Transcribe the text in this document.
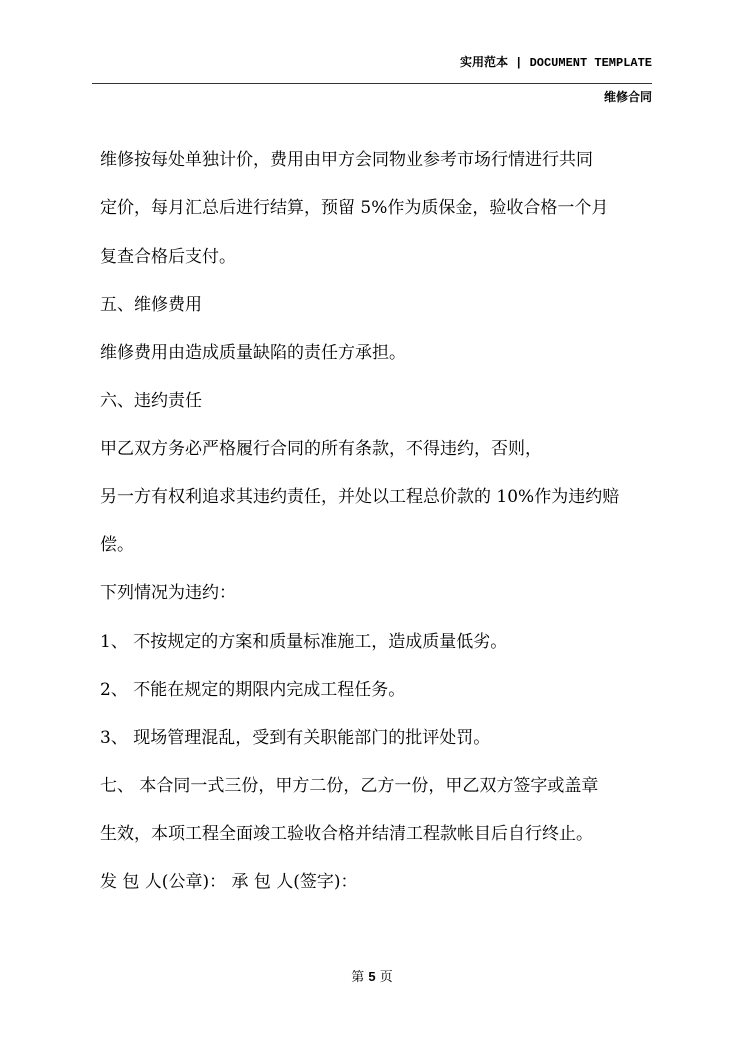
实用范本 | DOCUMENT TEMPLATE
维修合同
维修按每处单独计价，费用由甲方会同物业参考市场行情进行共同
定价，每月汇总后进行结算，预留 5%作为质保金，验收合格一个月
复查合格后支付。
五、维修费用
维修费用由造成质量缺陷的责任方承担。
六、违约责任
甲乙双方务必严格履行合同的所有条款，不得违约，否则，
另一方有权利追求其违约责任，并处以工程总价款的 10%作为违约赔
偿。
下列情况为违约：
1、 不按规定的方案和质量标准施工，造成质量低劣。
2、 不能在规定的期限内完成工程任务。
3、 现场管理混乱，受到有关职能部门的批评处罚。
七、 本合同一式三份，甲方二份，乙方一份，甲乙双方签字或盖章
生效，本项工程全面竣工验收合格并结清工程款帐目后自行终止。
发 包 人(公章)： 承 包 人(签字)：
第 5 页
